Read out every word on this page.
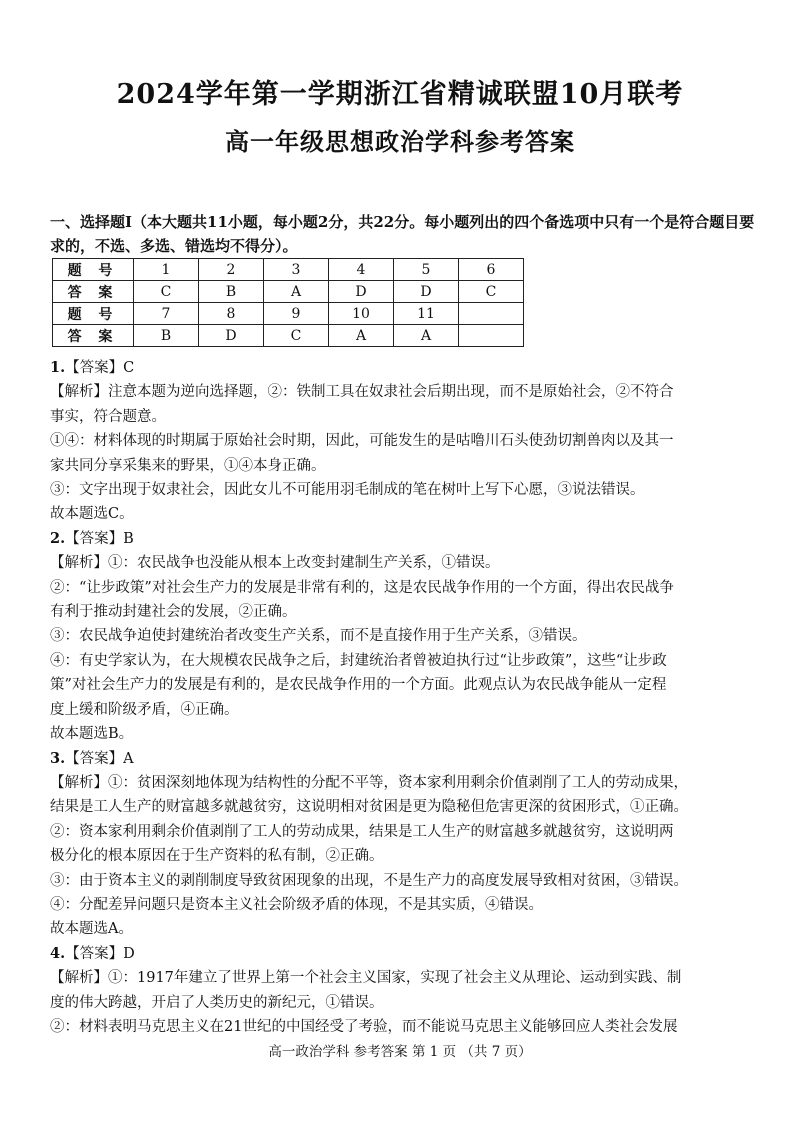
2024学年第一学期浙江省精诚联盟10月联考
高一年级思想政治学科参考答案
一、选择题Ⅰ（本大题共11小题，每小题2分，共22分。每小题列出的四个备选项中只有一个是符合题目要求的，不选、多选、错选均不得分）。
题 号	1	2	3	4	5	6
答 案	C	B	A	D	D	C
题 号	7	8	9	10	11	
答 案	B	D	C	A	A	

1.【答案】C

【解析】注意本题为逆向选择题，②：铁制工具在奴隶社会后期出现，而不是原始社会，②不符合

事实，符合题意。

①④：材料体现的时期属于原始社会时期，因此，可能发生的是咕噜川石头使劲切割兽肉以及其一

家共同分享采集来的野果，①④本身正确。

③：文字出现于奴隶社会，因此女儿不可能用羽毛制成的笔在树叶上写下心愿，③说法错误。

故本题选C。

2.【答案】B

【解析】①：农民战争也没能从根本上改变封建制生产关系，①错误。

②：“让步政策”对社会生产力的发展是非常有利的，这是农民战争作用的一个方面，得出农民战争

有利于推动封建社会的发展，②正确。

③：农民战争迫使封建统治者改变生产关系，而不是直接作用于生产关系，③错误。

④：有史学家认为，在大规模农民战争之后，封建统治者曾被迫执行过“让步政策”，这些“让步政

策”对社会生产力的发展是有利的，是农民战争作用的一个方面。此观点认为农民战争能从一定程

度上缓和阶级矛盾，④正确。

故本题选B。

3.【答案】A

【解析】①：贫困深刻地体现为结构性的分配不平等，资本家利用剩余价值剥削了工人的劳动成果，

结果是工人生产的财富越多就越贫穷，这说明相对贫困是更为隐秘但危害更深的贫困形式，①正确。

②：资本家利用剩余价值剥削了工人的劳动成果，结果是工人生产的财富越多就越贫穷，这说明两

极分化的根本原因在于生产资料的私有制，②正确。

③：由于资本主义的剥削制度导致贫困现象的出现，不是生产力的高度发展导致相对贫困，③错误。

④：分配差异问题只是资本主义社会阶级矛盾的体现，不是其实质，④错误。

故本题选A。

4.【答案】D

【解析】①：1917年建立了世界上第一个社会主义国家，实现了社会主义从理论、运动到实践、制

度的伟大跨越，开启了人类历史的新纪元，①错误。

②：材料表明马克思主义在21世纪的中国经受了考验，而不能说马克思主义能够回应人类社会发展

高一政治学科 参考答案 第 1 页 （共 7 页）
